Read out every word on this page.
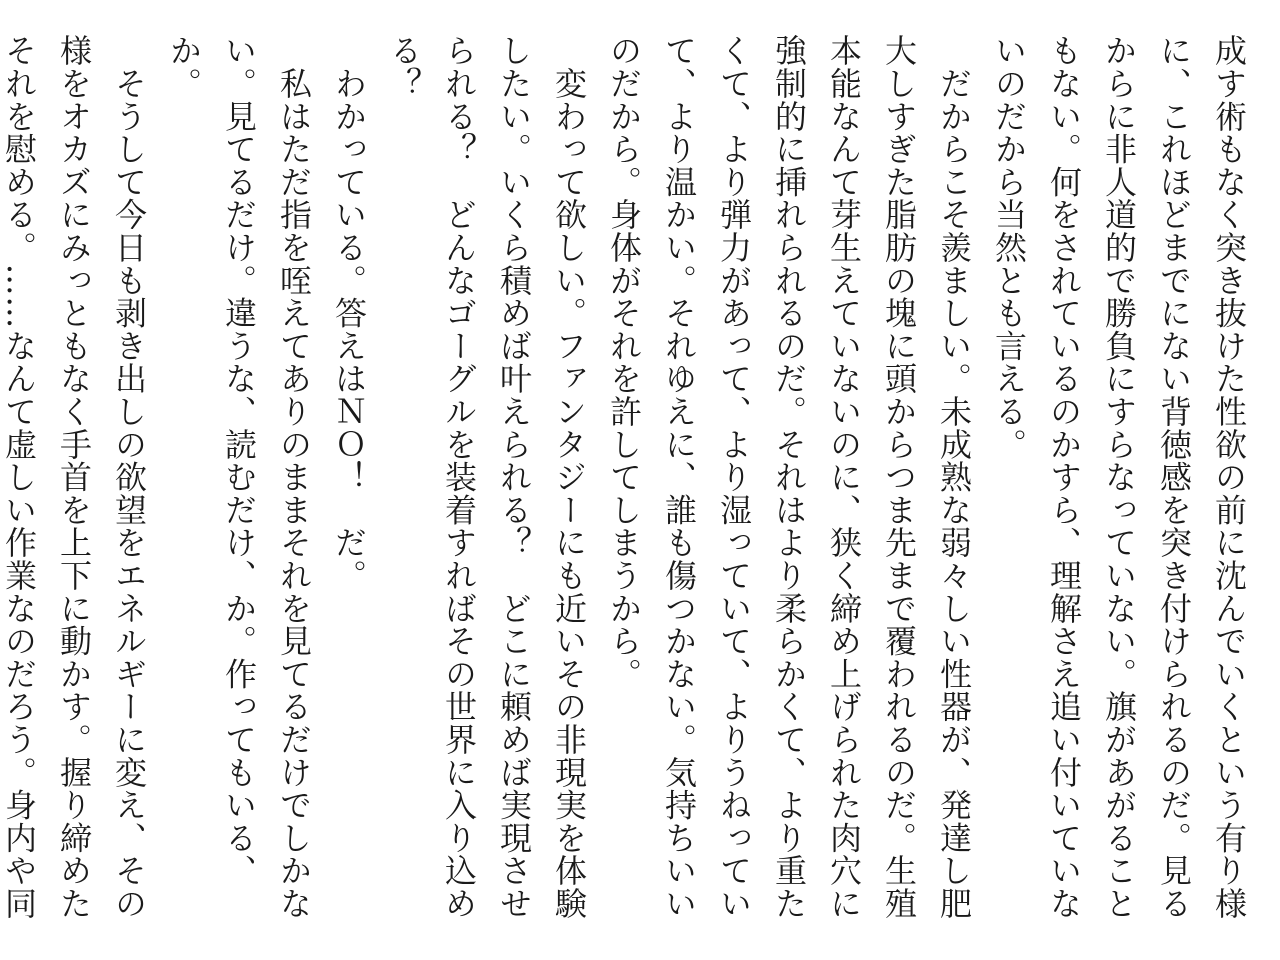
成す術もなく突き抜けた性欲の前に沈んでいくという有り様に、これほどまでにない背徳感を突き付けられるのだ。見るからに非人道的で勝負にすらなっていない。旗があがることもない。何をされているのかすら、理解さえ追い付いていないのだから当然とも言える。

　だからこそ羨ましい。未成熟な弱々しい性器が、発達し肥大しすぎた脂肪の塊に頭からつま先まで覆われるのだ。生殖本能なんて芽生えていないのに、狭く締め上げられた肉穴に強制的に挿れられるのだ。それはより柔らかくて、より重たくて、より弾力があって、より湿っていて、よりうねっていて、より温かい。それゆえに、誰も傷つかない。気持ちいいのだから。身体がそれを許してしまうから。

　変わって欲しい。ファンタジーにも近いその非現実を体験したい。いくら積めば叶えられる？　どこに頼めば実現させられる？　どんなゴーグルを装着すればその世界に入り込める？

　わかっている。答えはＮＯ！　だ。

　私はただ指を咥えてありのままそれを見てるだけでしかない。見てるだけ。違うな、読むだけ、か。作ってもいる、か。

　そうして今日も剥き出しの欲望をエネルギーに変え、その様をオカズにみっともなく手首を上下に動かす。握り締めたそれを慰める。……なんて虚しい作業なのだろう。身内や同
